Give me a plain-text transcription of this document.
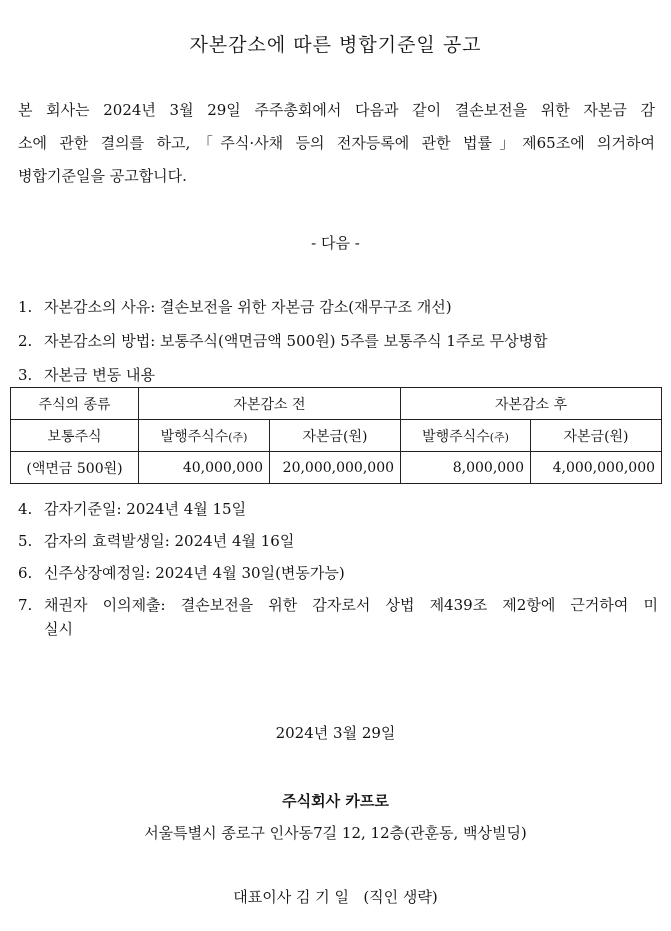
자본감소에 따른 병합기준일 공고
본 회사는 2024년 3월 29일 주주총회에서 다음과 같이 결손보전을 위한 자본금 감
소에 관한 결의를 하고,「주식·사채 등의 전자등록에 관한 법률」제65조에 의거하여
병합기준일을 공고합니다.
- 다음 -
1. 자본감소의 사유: 결손보전을 위한 자본금 감소(재무구조 개선)
2. 자본감소의 방법: 보통주식(액면금액 500원) 5주를 보통주식 1주로 무상병합
3. 자본금 변동 내용
주식의 종류	자본감소 전		자본감소 후	
보통주식	발행주식수(주)	자본금(원)	발행주식수(주)	자본금(원)
(액면금 500원)	40,000,000	20,000,000,000	8,000,000	4,000,000,000
4. 감자기준일: 2024년 4월 15일
5. 감자의 효력발생일: 2024년 4월 16일
6. 신주상장예정일: 2024년 4월 30일(변동가능)
7. 채권자 이의제출: 결손보전을 위한 감자로서 상법 제439조 제2항에 근거하여 미
실시
2024년 3월 29일
주식회사 카프로
서울특별시 종로구 인사동7길 12, 12층(관훈동, 백상빌딩)
대표이사 김 기 일 (직인 생략)
